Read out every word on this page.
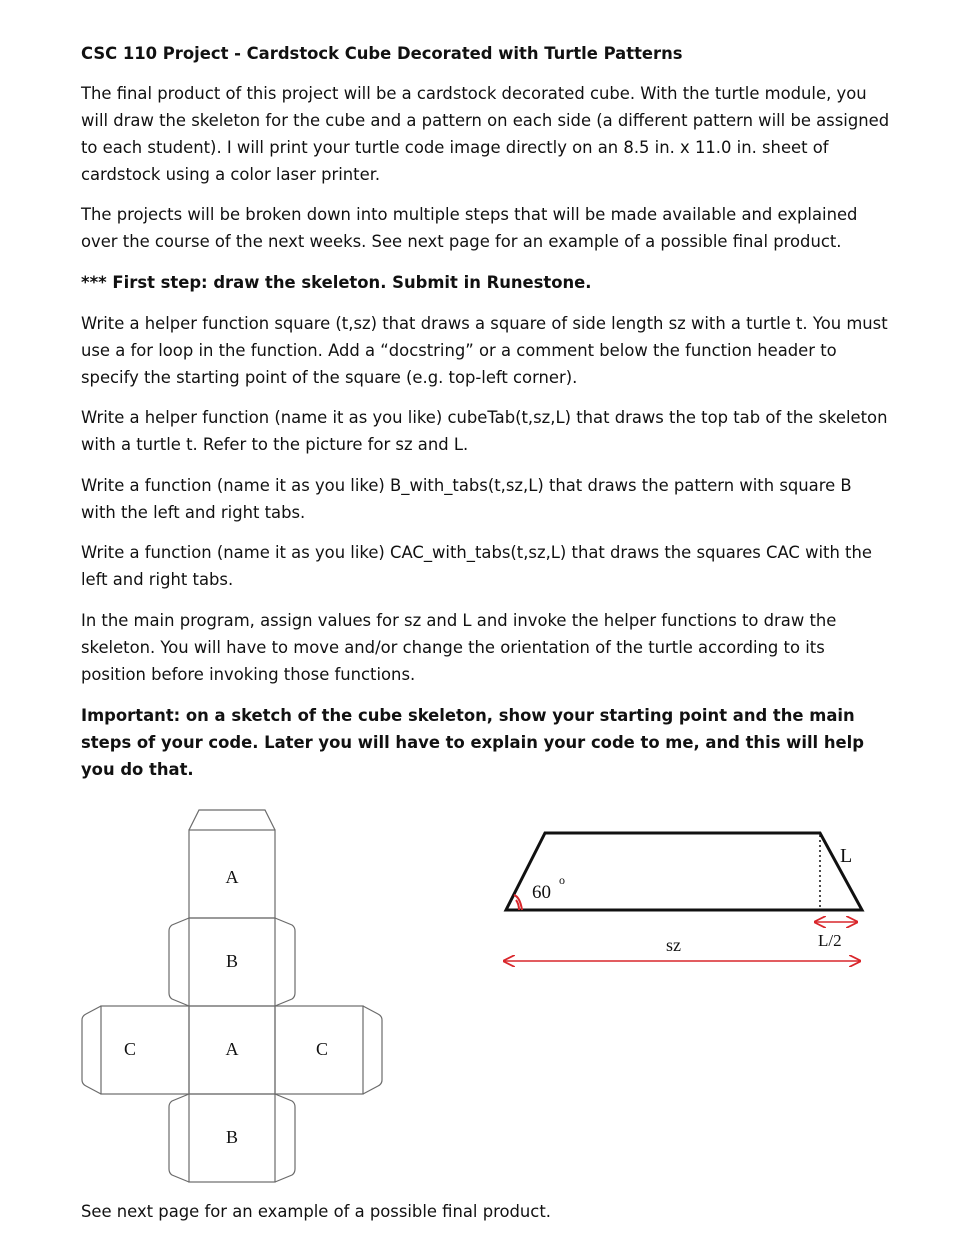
CSC 110 Project - Cardstock Cube Decorated with Turtle Patterns

The final product of this project will be a cardstock decorated cube. With the turtle module, you will draw the skeleton for the cube and a pattern on each side (a different pattern will be assigned to each student). I will print your turtle code image directly on an 8.5 in. x 11.0 in. sheet of cardstock using a color laser printer.

The projects will be broken down into multiple steps that will be made available and explained over the course of the next weeks. See next page for an example of a possible final product.

*** First step: draw the skeleton. Submit in Runestone.

Write a helper function square (t,sz) that draws a square of side length sz with a turtle t. You must use a for loop in the function. Add a “docstring” or a comment below the function header to specify the starting point of the square (e.g. top-left corner).

Write a helper function (name it as you like) cubeTab(t,sz,L) that draws the top tab of the skeleton with a turtle t. Refer to the picture for sz and L.

Write a function (name it as you like) B_with_tabs(t,sz,L) that draws the pattern with square B with the left and right tabs.

Write a function (name it as you like) CAC_with_tabs(t,sz,L) that draws the squares CAC with the left and right tabs.

In the main program, assign values for sz and L and invoke the helper functions to draw the skeleton. You will have to move and/or change the orientation of the turtle according to its position before invoking those functions.

Important: on a sketch of the cube skeleton, show your starting point and the main steps of your code. Later you will have to explain your code to me, and this will help you do that.

A
B
C	A	C
B
60
o
L
L/2
sz

See next page for an example of a possible final product.
